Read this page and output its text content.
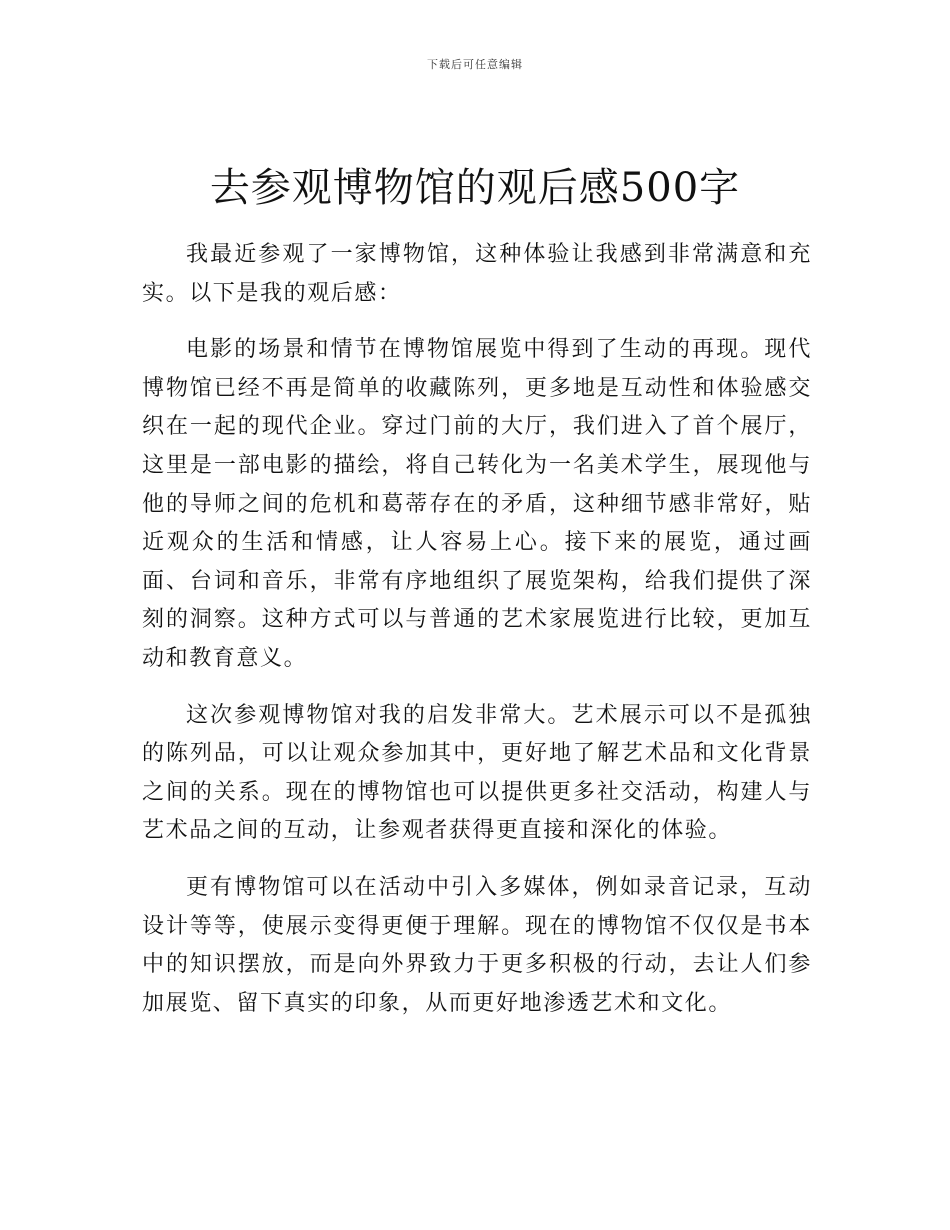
下载后可任意编辑
去参观博物馆的观后感500字

我最近参观了一家博物馆，这种体验让我感到非常满意和充实。以下是我的观后感：

电影的场景和情节在博物馆展览中得到了生动的再现。现代博物馆已经不再是简单的收藏陈列，更多地是互动性和体验感交织在一起的现代企业。穿过门前的大厅，我们进入了首个展厅，这里是一部电影的描绘，将自己转化为一名美术学生，展现他与他的导师之间的危机和葛蒂存在的矛盾，这种细节感非常好，贴近观众的生活和情感，让人容易上心。接下来的展览，通过画面、台词和音乐，非常有序地组织了展览架构，给我们提供了深刻的洞察。这种方式可以与普通的艺术家展览进行比较，更加互动和教育意义。

这次参观博物馆对我的启发非常大。艺术展示可以不是孤独的陈列品，可以让观众参加其中，更好地了解艺术品和文化背景之间的关系。现在的博物馆也可以提供更多社交活动，构建人与艺术品之间的互动，让参观者获得更直接和深化的体验。

更有博物馆可以在活动中引入多媒体，例如录音记录，互动设计等等，使展示变得更便于理解。现在的博物馆不仅仅是书本中的知识摆放，而是向外界致力于更多积极的行动，去让人们参加展览、留下真实的印象，从而更好地渗透艺术和文化。
